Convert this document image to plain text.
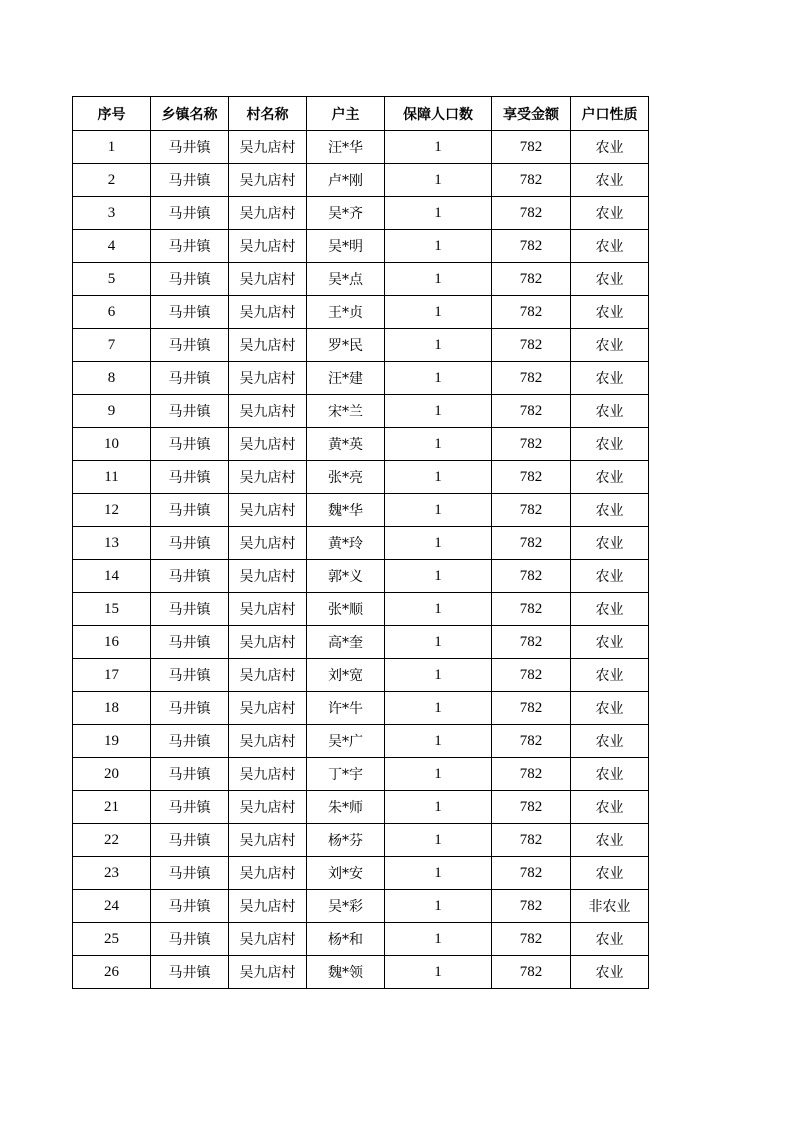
序号	乡镇名称	村名称	户主	保障人口数	享受金额	户口性质
1	马井镇	吴九店村	汪*华	1	782	农业
2	马井镇	吴九店村	卢*刚	1	782	农业
3	马井镇	吴九店村	吴*齐	1	782	农业
4	马井镇	吴九店村	吴*明	1	782	农业
5	马井镇	吴九店村	吴*点	1	782	农业
6	马井镇	吴九店村	王*贞	1	782	农业
7	马井镇	吴九店村	罗*民	1	782	农业
8	马井镇	吴九店村	汪*建	1	782	农业
9	马井镇	吴九店村	宋*兰	1	782	农业
10	马井镇	吴九店村	黄*英	1	782	农业
11	马井镇	吴九店村	张*亮	1	782	农业
12	马井镇	吴九店村	魏*华	1	782	农业
13	马井镇	吴九店村	黄*玲	1	782	农业
14	马井镇	吴九店村	郭*义	1	782	农业
15	马井镇	吴九店村	张*顺	1	782	农业
16	马井镇	吴九店村	高*奎	1	782	农业
17	马井镇	吴九店村	刘*宽	1	782	农业
18	马井镇	吴九店村	许*牛	1	782	农业
19	马井镇	吴九店村	吴*广	1	782	农业
20	马井镇	吴九店村	丁*宇	1	782	农业
21	马井镇	吴九店村	朱*师	1	782	农业
22	马井镇	吴九店村	杨*芬	1	782	农业
23	马井镇	吴九店村	刘*安	1	782	农业
24	马井镇	吴九店村	吴*彩	1	782	非农业
25	马井镇	吴九店村	杨*和	1	782	农业
26	马井镇	吴九店村	魏*领	1	782	农业
